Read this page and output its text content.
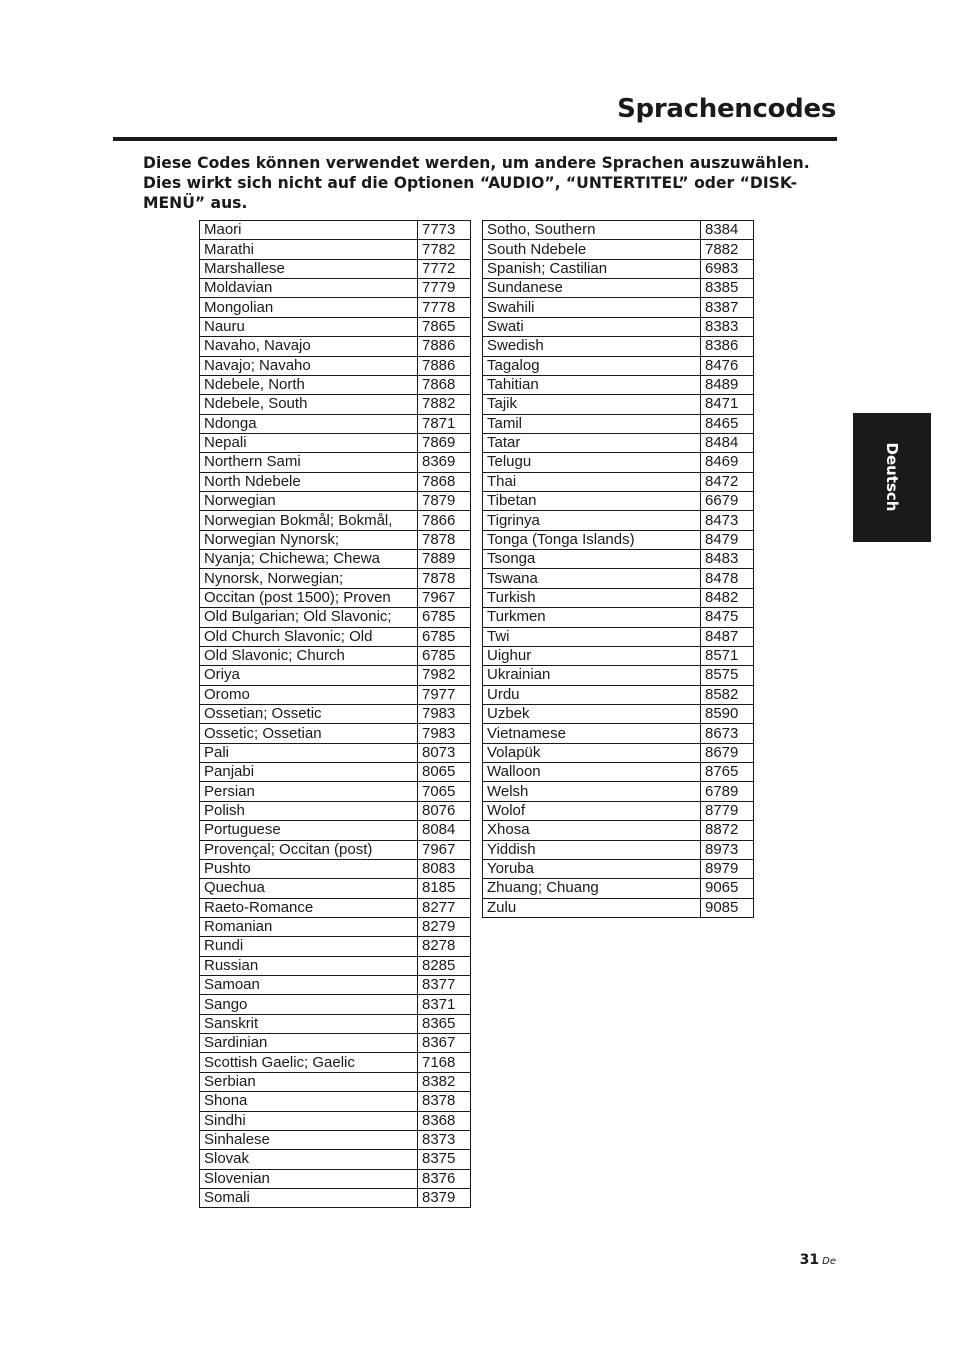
Sprachencodes

Diese Codes können verwendet werden, um andere Sprachen auszuwählen. Dies wirkt sich nicht auf die Optionen “AUDIO”, “UNTERTITEL” oder “DISK-MENÜ” aus.

Maori	7773
Marathi	7782
Marshallese	7772
Moldavian	7779
Mongolian	7778
Nauru	7865
Navaho, Navajo	7886
Navajo; Navaho	7886
Ndebele, North	7868
Ndebele, South	7882
Ndonga	7871
Nepali	7869
Northern Sami	8369
North Ndebele	7868
Norwegian	7879
Norwegian Bokmål; Bokmål,	7866
Norwegian Nynorsk;	7878
Nyanja; Chichewa; Chewa	7889
Nynorsk, Norwegian;	7878
Occitan (post 1500); Proven	7967
Old Bulgarian; Old Slavonic;	6785
Old Church Slavonic; Old	6785
Old Slavonic; Church	6785
Oriya	7982
Oromo	7977
Ossetian; Ossetic	7983
Ossetic; Ossetian	7983
Pali	8073
Panjabi	8065
Persian	7065
Polish	8076
Portuguese	8084
Provençal; Occitan (post)	7967
Pushto	8083
Quechua	8185
Raeto-Romance	8277
Romanian	8279
Rundi	8278
Russian	8285
Samoan	8377
Sango	8371
Sanskrit	8365
Sardinian	8367
Scottish Gaelic; Gaelic	7168
Serbian	8382
Shona	8378
Sindhi	8368
Sinhalese	8373
Slovak	8375
Slovenian	8376
Somali	8379
Sotho, Southern	8384
South Ndebele	7882
Spanish; Castilian	6983
Sundanese	8385
Swahili	8387
Swati	8383
Swedish	8386
Tagalog	8476
Tahitian	8489
Tajik	8471
Tamil	8465
Tatar	8484
Telugu	8469
Thai	8472
Tibetan	6679
Tigrinya	8473
Tonga (Tonga Islands)	8479
Tsonga	8483
Tswana	8478
Turkish	8482
Turkmen	8475
Twi	8487
Uighur	8571
Ukrainian	8575
Urdu	8582
Uzbek	8590
Vietnamese	8673
Volapük	8679
Walloon	8765
Welsh	6789
Wolof	8779
Xhosa	8872
Yiddish	8973
Yoruba	8979
Zhuang; Chuang	9065
Zulu	9085
Deutsch
31 De
